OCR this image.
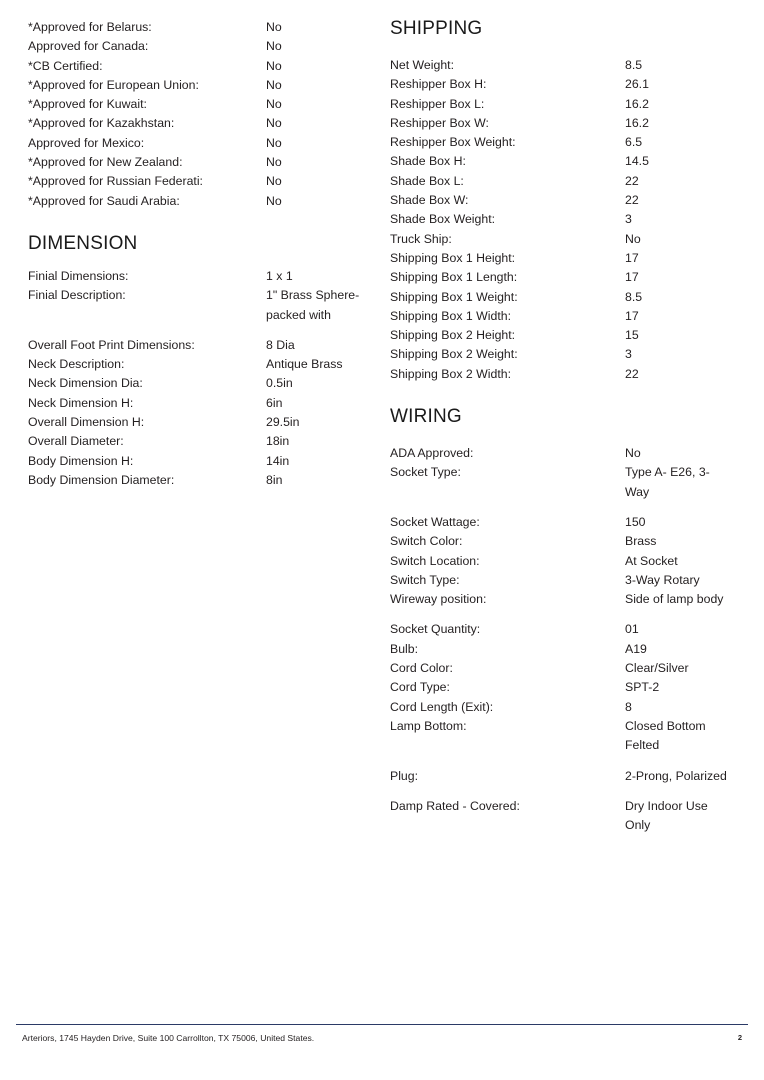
*Approved for Belarus:	No
Approved for Canada:	No
*CB Certified:	No
*Approved for European Union:	No
*Approved for Kuwait:	No
*Approved for Kazakhstan:	No
Approved for Mexico:	No
*Approved for New Zealand:	No
*Approved for Russian Federati:	No
*Approved for Saudi Arabia:	No
DIMENSION
Finial Dimensions:	1 x 1
Finial Description:	1" Brass Sphere-packed with
Overall Foot Print Dimensions:	8 Dia
Neck Description:	Antique Brass
Neck Dimension Dia:	0.5in
Neck Dimension H:	6in
Overall Dimension H:	29.5in
Overall Diameter:	18in
Body Dimension H:	14in
Body Dimension Diameter:	8in
SHIPPING
Net Weight:	8.5
Reshipper Box H:	26.1
Reshipper Box L:	16.2
Reshipper Box W:	16.2
Reshipper Box Weight:	6.5
Shade Box H:	14.5
Shade Box L:	22
Shade Box W:	22
Shade Box Weight:	3
Truck Ship:	No
Shipping Box 1 Height:	17
Shipping Box 1 Length:	17
Shipping Box 1 Weight:	8.5
Shipping Box 1 Width:	17
Shipping Box 2 Height:	15
Shipping Box 2 Weight:	3
Shipping Box 2 Width:	22
WIRING
ADA Approved:	No
Socket Type:	Type A- E26, 3-Way
Socket Wattage:	150
Switch Color:	Brass
Switch Location:	At Socket
Switch Type:	3-Way Rotary
Wireway position:	Side of lamp body
Socket Quantity:	01
Bulb:	A19
Cord Color:	Clear/Silver
Cord Type:	SPT-2
Cord Length (Exit):	8
Lamp Bottom:	Closed Bottom Felted
Plug:	2-Prong, Polarized
Damp Rated - Covered:	Dry Indoor Use Only
Arteriors, 1745 Hayden Drive, Suite 100 Carrollton, TX 75006, United States.	2
